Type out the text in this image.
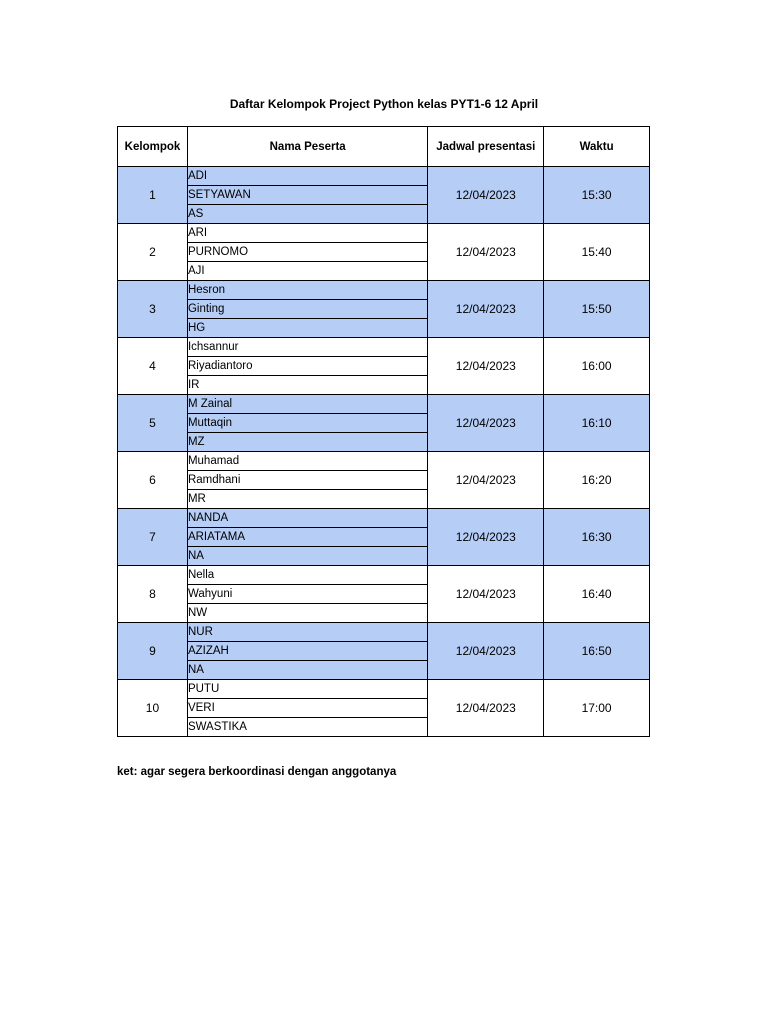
Daftar Kelompok Project Python kelas PYT1-6 12 April
Kelompok	Nama Peserta	Jadwal presentasi	Waktu
1	ADI	12/04/2023	15:30
	SETYAWAN		
	AS		
2	ARI	12/04/2023	15:40
	PURNOMO		
	AJI		
3	Hesron	12/04/2023	15:50
	Ginting		
	HG		
4	Ichsannur	12/04/2023	16:00
	Riyadiantoro		
	IR		
5	M Zainal	12/04/2023	16:10
	Muttaqin		
	MZ		
6	Muhamad	12/04/2023	16:20
	Ramdhani		
	MR		
7	NANDA	12/04/2023	16:30
	ARIATAMA		
	NA		
8	Nella	12/04/2023	16:40
	Wahyuni		
	NW		
9	NUR	12/04/2023	16:50
	AZIZAH		
	NA		
10	PUTU	12/04/2023	17:00
	VERI		
	SWASTIKA		
ket: agar segera berkoordinasi dengan anggotanya
